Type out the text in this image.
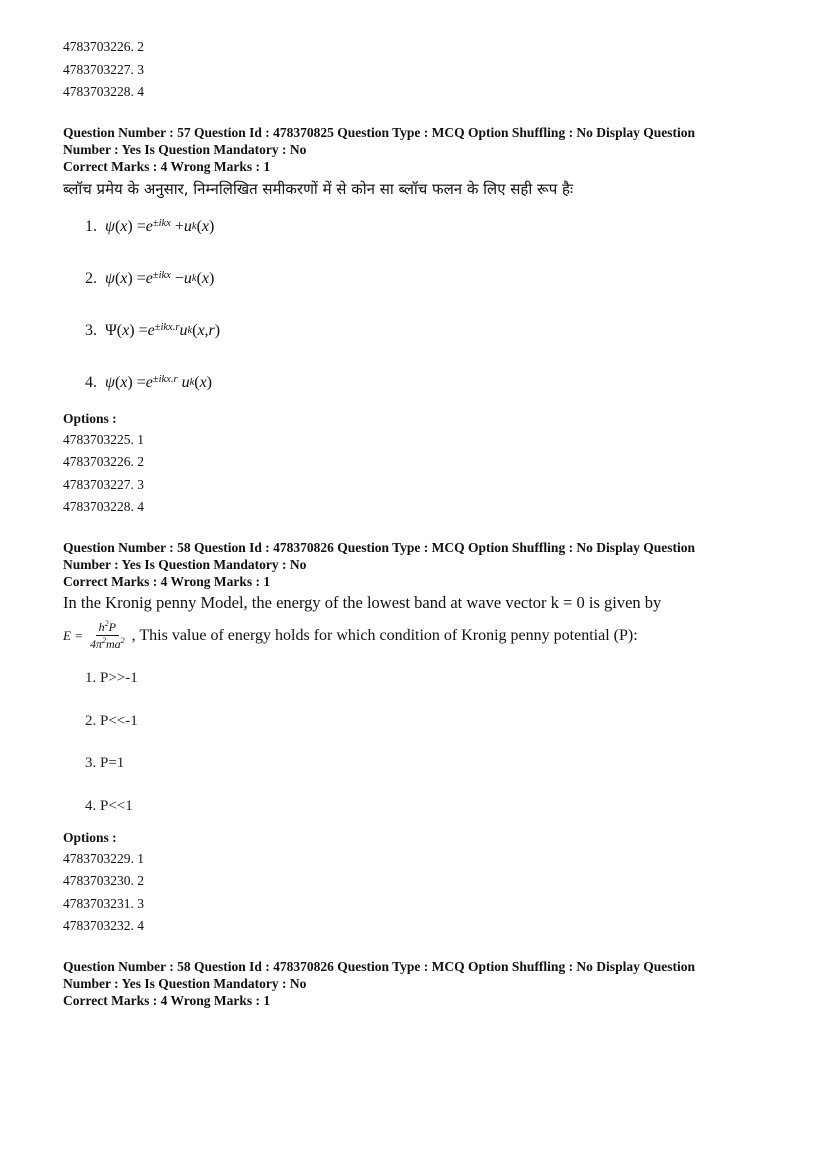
4783703226. 2
4783703227. 3
4783703228. 4
Question Number : 57 Question Id : 478370825 Question Type : MCQ Option Shuffling : No Display Question
Number : Yes Is Question Mandatory : No
Correct Marks : 4 Wrong Marks : 1
ब्लॉच प्रमेय के अनुसार, निम्नलिखित समीकरणों में से कोन सा ब्लॉच फलन के लिए सही रूप हैः
1.
ψ ( x ) = $e^{\pm ikx} + u$ k ( x )
2.
ψ ( x ) = $e^{\pm ikx} - u$ k ( x )
3. Ψ( x ) = $e^{\pm ikx.r}$ u k ( x , r )
4.
ψ ( x ) = $e^{\pm ikx.r}$
u k ( x )
Options :
4783703225. 1
4783703226. 2
4783703227. 3
4783703228. 4
Question Number : 58 Question Id : 478370826 Question Type : MCQ Option Shuffling : No Display Question
Number : Yes Is Question Mandatory : No
Correct Marks : 4 Wrong Marks : 1
In the Kronig penny Model, the energy of the lowest band at wave vector k = 0 is given by
$E = \frac{h^2P}{4\pi^2ma^2}$ , This value of energy holds for which condition of Kronig penny potential (P):
1. P>>-1
2. P<<-1
3. P=1
4. P<<1
Options :
4783703229. 1
4783703230. 2
4783703231. 3
4783703232. 4
Question Number : 58 Question Id : 478370826 Question Type : MCQ Option Shuffling : No Display Question
Number : Yes Is Question Mandatory : No
Correct Marks : 4 Wrong Marks : 1
